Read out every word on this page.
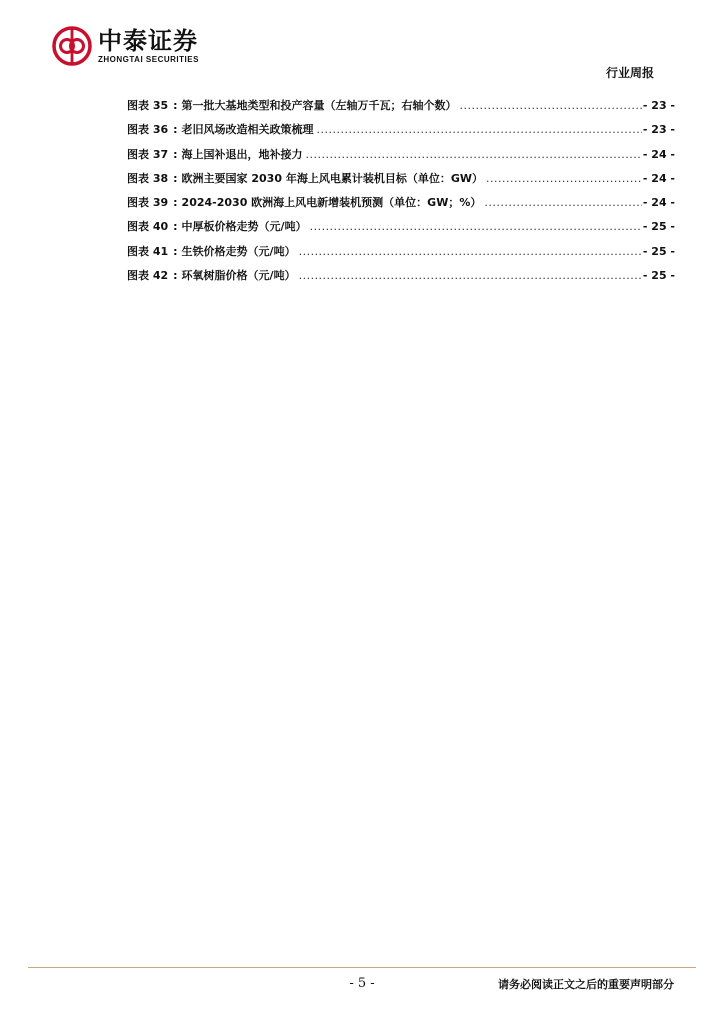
中泰证券
ZHONGTAI SECURITIES
行业周报
图表 35 : 第一批大基地类型和投产容量（左轴万千瓦；右轴个数） .....	- 23 -
图表 36 : 老旧风场改造相关政策梳理 .....	- 23 -
图表 37 : 海上国补退出，地补接力 .....	- 24 -
图表 38 : 欧洲主要国家 2030 年海上风电累计装机目标（单位：GW） .....	- 24 -
图表 39 : 2024-2030 欧洲海上风电新增装机预测（单位：GW；%） .....	- 24 -
图表 40 : 中厚板价格走势（元/吨） .....	- 25 -
图表 41 : 生铁价格走势（元/吨） .....	- 25 -
图表 42 : 环氧树脂价格（元/吨） .....	- 25 -
- 5 -	请务必阅读正文之后的重要声明部分
